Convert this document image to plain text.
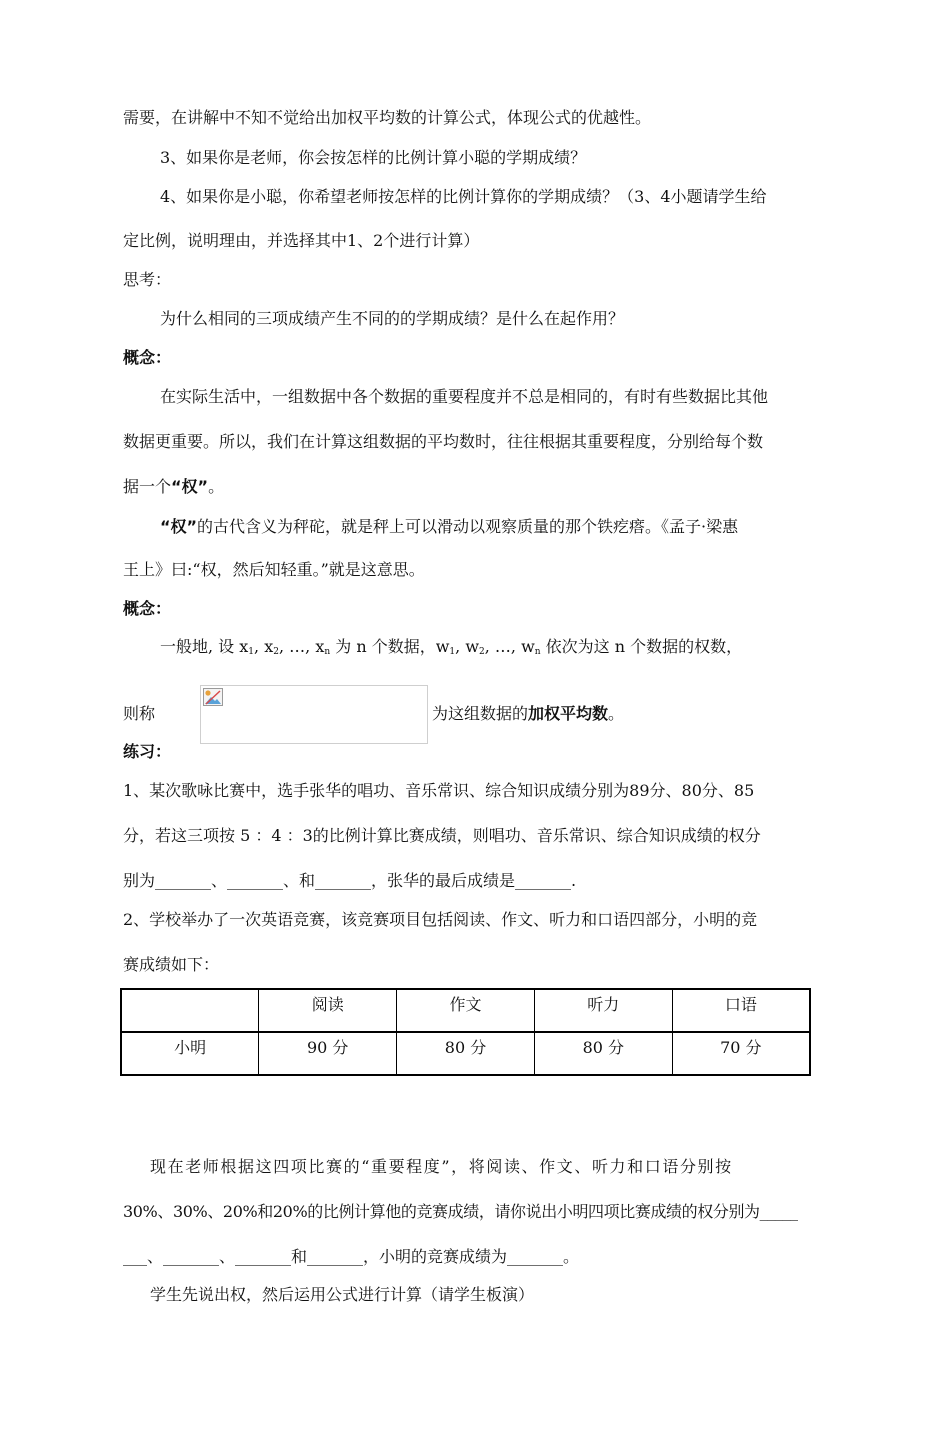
需要，在讲解中不知不觉给出加权平均数的计算公式，体现公式的优越性。
3、如果你是老师，你会按怎样的比例计算小聪的学期成绩？
4、如果你是小聪，你希望老师按怎样的比例计算你的学期成绩？（3、4小题请学生给
定比例，说明理由，并选择其中1、2个进行计算）
思考：
为什么相同的三项成绩产生不同的的学期成绩？是什么在起作用？
概念：
在实际生活中，一组数据中各个数据的重要程度并不总是相同的，有时有些数据比其他
数据更重要。所以，我们在计算这组数据的平均数时，往往根据其重要程度，分别给每个数
据一个“权”。
“权”的古代含义为秤砣，就是秤上可以滑动以观察质量的那个铁疙瘩。《孟子·梁惠
王上》曰:“权，然后知轻重。”就是这意思。
概念：
一般地, 设 $x_1$, $x_2$, …, $x_n$ 为 n 个数据，$w_1$, $w_2$, …, $w_n$ 依次为这 n 个数据的权数，
则称	为这组数据的加权平均数。
练习：
1、某次歌咏比赛中，选手张华的唱功、音乐常识、综合知识成绩分别为89分、80分、85
分，若这三项按 5 ：4 ：3的比例计算比赛成绩，则唱功、音乐常识、综合知识成绩的权分
别为_______、_______、和_______，张华的最后成绩是_______.
2、学校举办了一次英语竞赛，该竞赛项目包括阅读、作文、听力和口语四部分，小明的竞
赛成绩如下：
	阅读	作文	听力	口语
小明	90 分	80 分	80 分	70 分
现在老师根据这四项比赛的“重要程度”，将阅读、作文、听力和口语分别按
30%、30%、20%和20%的比例计算他的竞赛成绩，请你说出小明四项比赛成绩的权分别为_____
___、_______、_______和_______，小明的竞赛成绩为_______。
学生先说出权，然后运用公式进行计算（请学生板演）
